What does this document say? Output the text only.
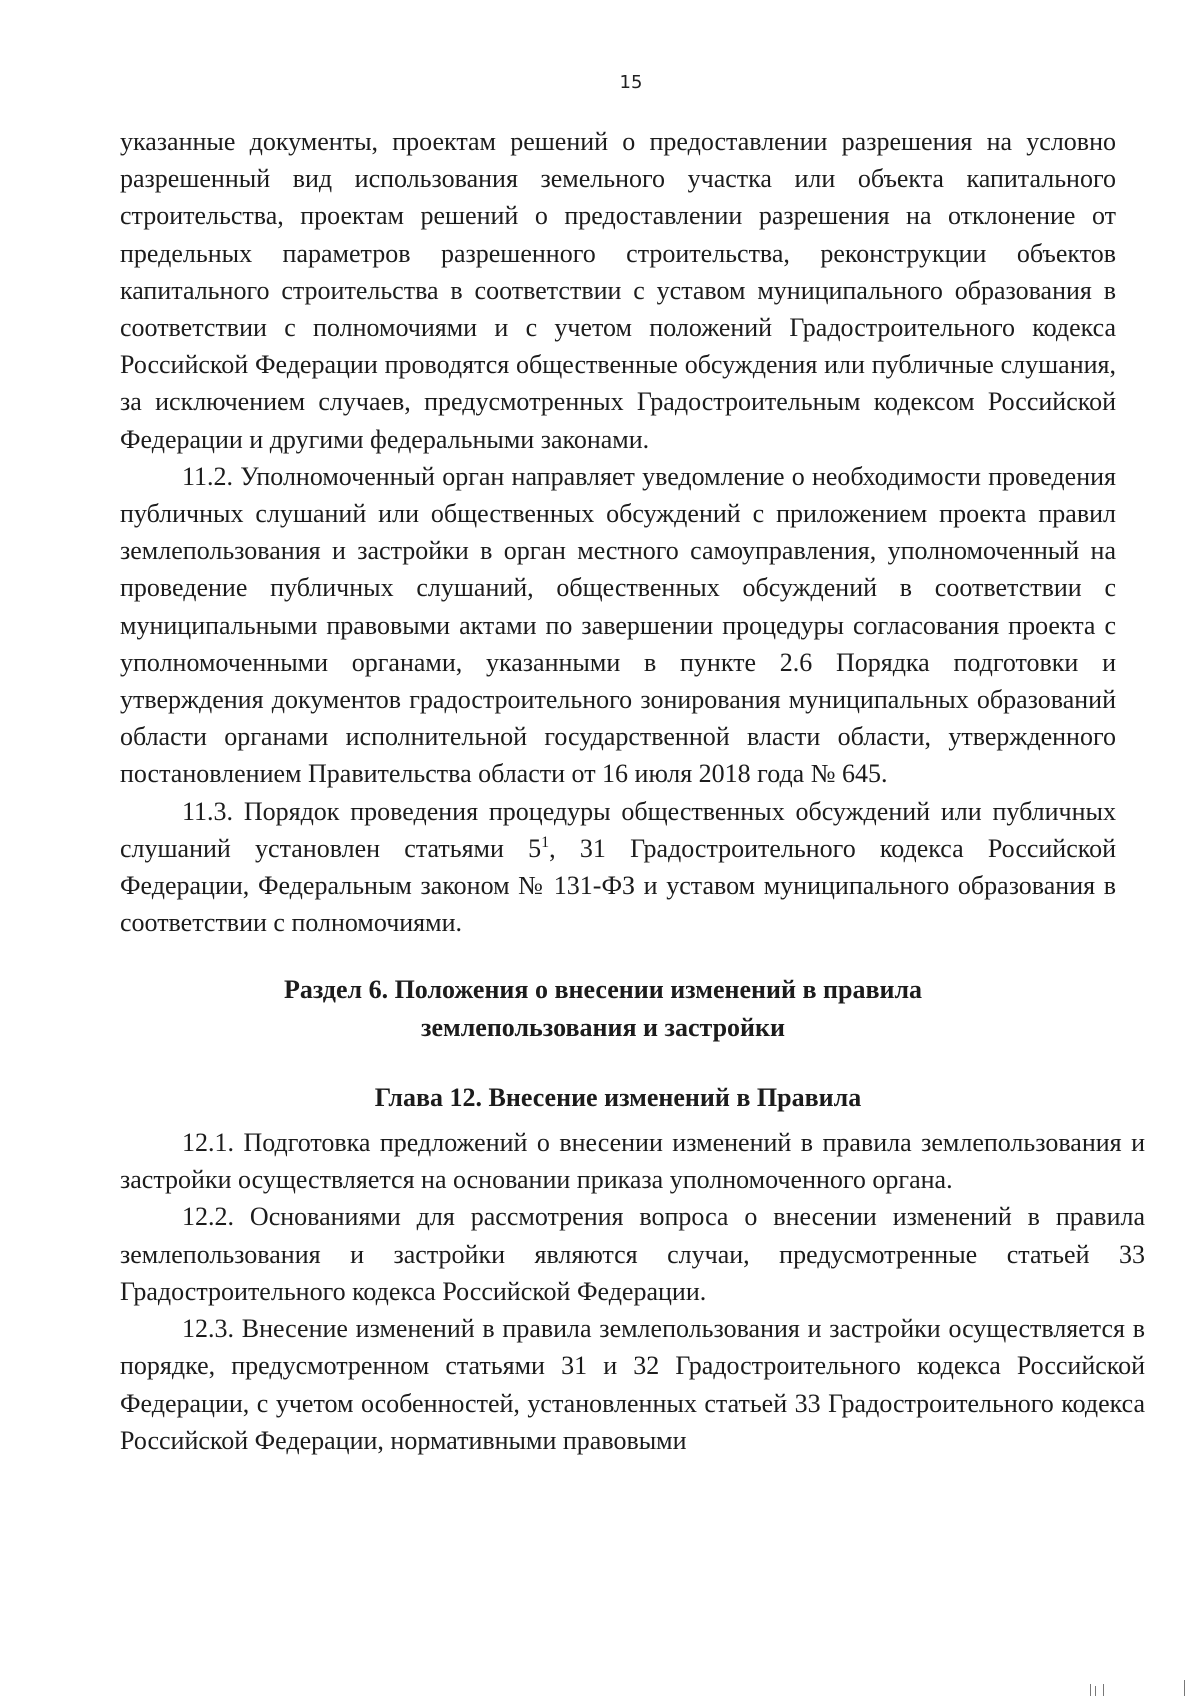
15

указанные документы, проектам решений о предоставлении разрешения на условно разрешенный вид использования земельного участка или объекта капитального строительства, проектам решений о предоставлении разрешения на отклонение от предельных параметров разрешенного строительства, реконструкции объектов капитального строительства в соответствии с уставом муниципального образования в соответствии с полномочиями и с учетом положений Градостроительного кодекса Российской Федерации проводятся общественные обсуждения или публичные слушания, за исключением случаев, предусмотренных Градостроительным кодексом Российской Федерации и другими федеральными законами.

11.2. Уполномоченный орган направляет уведомление о необходимости проведения публичных слушаний или общественных обсуждений с приложением проекта правил землепользования и застройки в орган местного самоуправления, уполномоченный на проведение публичных слушаний, общественных обсуждений в соответствии с муниципальными правовыми актами по завершении процедуры согласования проекта с уполномоченными органами, указанными в пункте 2.6 Порядка подготовки и утверждения документов градостроительного зонирования муниципальных образований области органами исполнительной государственной власти области, утвержденного постановлением Правительства области от 16 июля 2018 года № 645.

11.3. Порядок проведения процедуры общественных обсуждений или публичных слушаний установлен статьями $5^1$, 31 Градостроительного кодекса Российской Федерации, Федеральным законом № 131-ФЗ и уставом муниципального образования в соответствии с полномочиями.

Раздел 6. Положения о внесении изменений в правила
землепользования и застройки
Глава 12. Внесение изменений в Правила

12.1. Подготовка предложений о внесении изменений в правила землепользования и застройки осуществляется на основании приказа уполномоченного органа.

12.2. Основаниями для рассмотрения вопроса о внесении изменений в правила землепользования и застройки являются случаи, предусмотренные статьей 33 Градостроительного кодекса Российской Федерации.

12.3. Внесение изменений в правила землепользования и застройки осуществляется в порядке, предусмотренном статьями 31 и 32 Градостроительного кодекса Российской Федерации, с учетом особенностей, установленных статьей 33 Градостроительного кодекса Российской Федерации, нормативными правовыми
